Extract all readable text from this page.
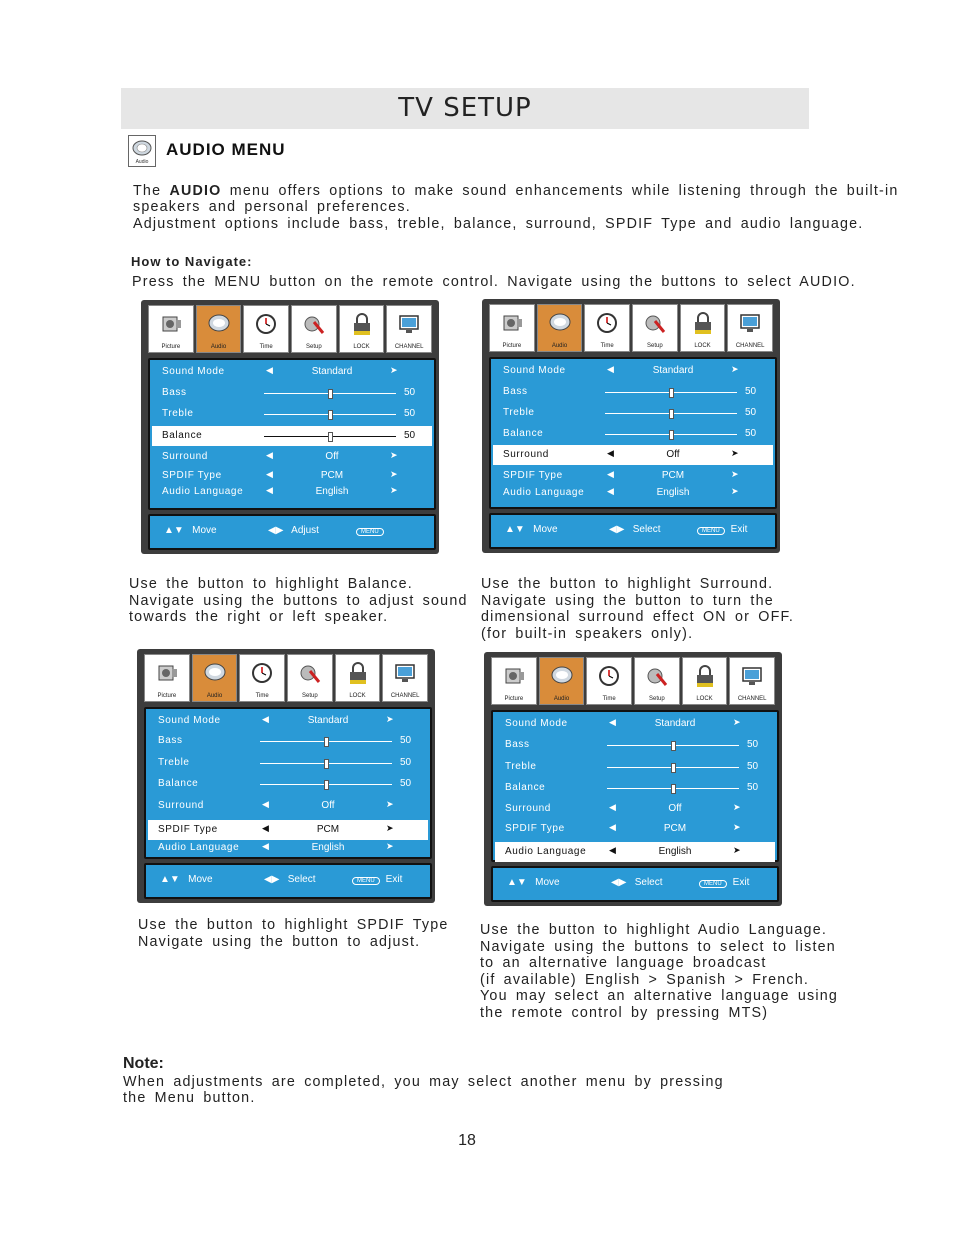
TV SETUP
Audio
AUDIO MENU
The AUDIO menu offers options to make sound enhancements while listening through the built-in
speakers and personal preferences.
Adjustment options include bass, treble, balance, surround, SPDIF Type and audio language.
How to Navigate:
Press the MENU button on the remote control. Navigate using the buttons to select AUDIO.
Picture	Audio	Time	Setup	LOCK	CHANNEL
Sound Mode	◀	Standard	➤
Bass	50
Treble	50
Balance	50
Surround	◀	Off	➤
SPDIF Type	◀	PCM	➤
Audio Language	◀	English	➤
▲▼   Move	◀▶   Adjust	MENU
Picture	Audio	Time	Setup	LOCK	CHANNEL
Sound Mode	◀	Standard	➤
Bass	50
Treble	50
Balance	50
Surround	◀	Off	➤
SPDIF Type	◀	PCM	➤
Audio Language	◀	English	➤
▲▼   Move	◀▶   Select	MENU Exit
Use the button to highlight Balance.
Navigate using the buttons to adjust sound
towards the right or left speaker.
Use the button to highlight Surround.
Navigate using the button to turn the
dimensional surround effect ON or OFF.
(for built-in speakers only).
Picture	Audio	Time	Setup	LOCK	CHANNEL
Sound Mode	◀	Standard	➤
Bass	50
Treble	50
Balance	50
Surround	◀	Off	➤
SPDIF Type	◀	PCM	➤
Audio Language	◀	English	➤
▲▼   Move	◀▶   Select	MENU Exit
Picture	Audio	Time	Setup	LOCK	CHANNEL
Sound Mode	◀	Standard	➤
Bass	50
Treble	50
Balance	50
Surround	◀	Off	➤
SPDIF Type	◀	PCM	➤
Audio Language	◀	English	➤
▲▼   Move	◀▶   Select	MENU Exit
Use the button to highlight SPDIF Type
Navigate using the button to adjust.
Use the button to highlight Audio Language.
Navigate using the buttons to select to listen
to an alternative language broadcast
(if available) English > Spanish > French.
You may select an alternative language using
the remote control by pressing MTS)
Note:
When adjustments are completed, you may select another menu by pressing
the Menu button.
18
